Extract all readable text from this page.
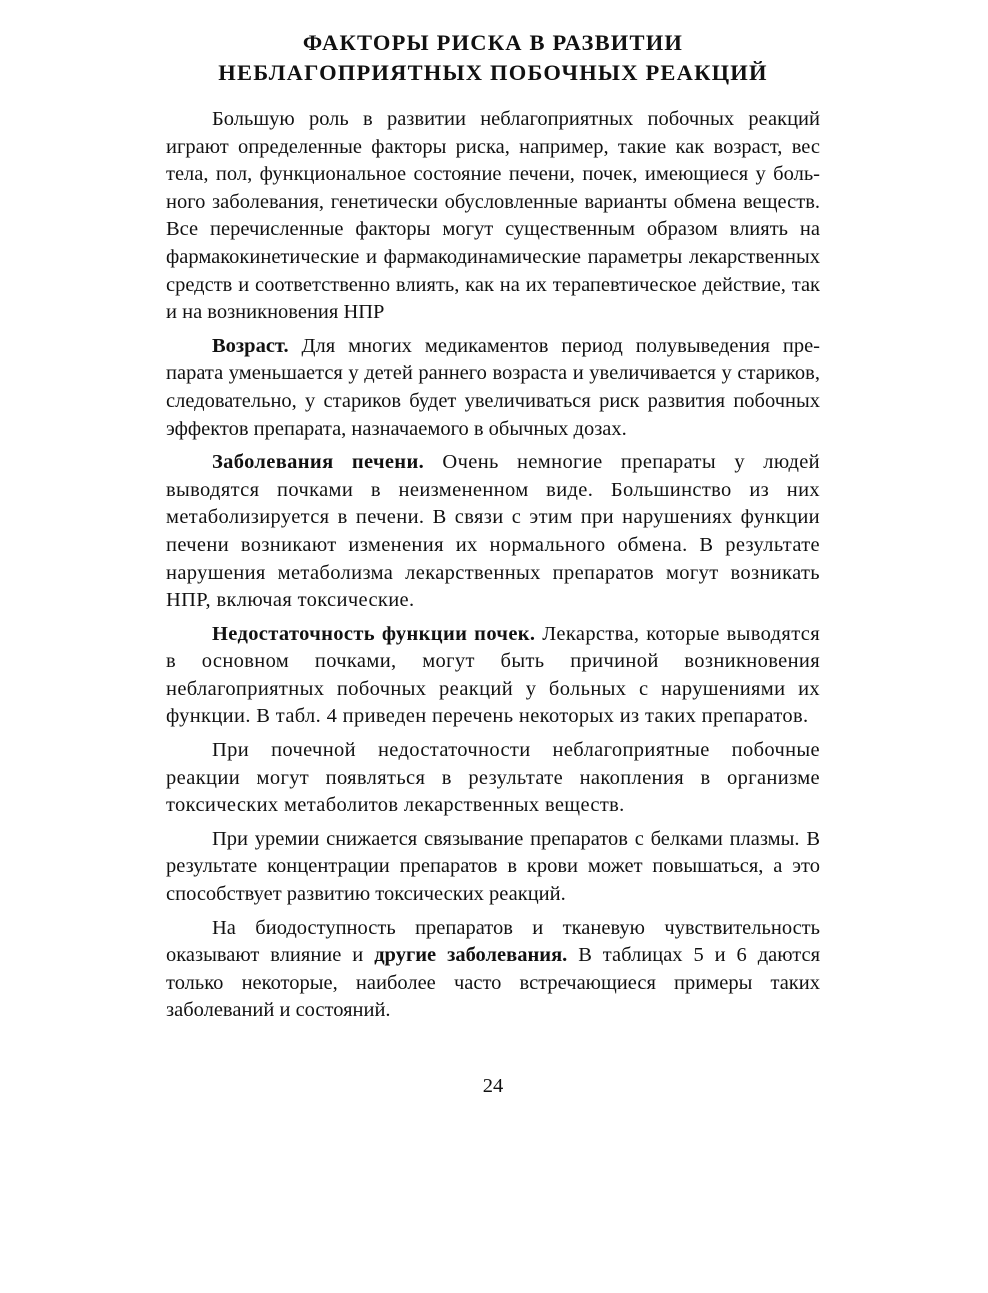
ФАКТОРЫ РИСКА В РАЗВИТИИ
НЕБЛАГОПРИЯТНЫХ ПОБОЧНЫХ РЕАКЦИЙ

Большую роль в развитии неблагоприятных побочных реакций играют определенные факторы риска, например, такие как возраст, вес тела, пол, функциональное состояние печени, почек, имеющиеся у больного заболевания, генетически обусловленные варианты обмена веществ. Все перечисленные факторы могут существенным образом влиять на фармакокинетические и фармакодинамические параметры лекарственных средств и соответственно влиять, как на их терапевтическое действие, так и на возникновения НПР

Возраст. Для многих медикаментов период полувыведения препарата уменьшается у детей раннего возраста и увеличивается у стариков, следовательно, у стариков будет увеличиваться риск развития побочных эффектов препарата, назначаемого в обычных дозах.

Заболевания печени. Очень немногие препараты у людей выводятся почками в неизмененном виде. Большинство из них метаболизируется в печени. В связи с этим при нарушениях функции печени возникают изменения их нормального обмена. В результате нарушения метаболизма лекарственных препаратов могут возникать НПР, включая токсические.

Недостаточность функции почек. Лекарства, которые выводятся в основном почками, могут быть причиной возникновения неблагоприятных побочных реакций у больных с нарушениями их функции. В табл. 4 приведен перечень некоторых из таких препаратов.

При почечной недостаточности неблагоприятные побочные реакции могут появляться в результате накопления в организме токсических метаболитов лекарственных веществ.

При уремии снижается связывание препаратов с белками плазмы. В результате концентрации препаратов в крови может повышаться, а это способствует развитию токсических реакций.

На биодоступность препаратов и тканевую чувствительность оказывают влияние и другие заболевания. В таблицах 5 и 6 даются только некоторые, наиболее часто встречающиеся примеры таких заболеваний и состояний.

24
